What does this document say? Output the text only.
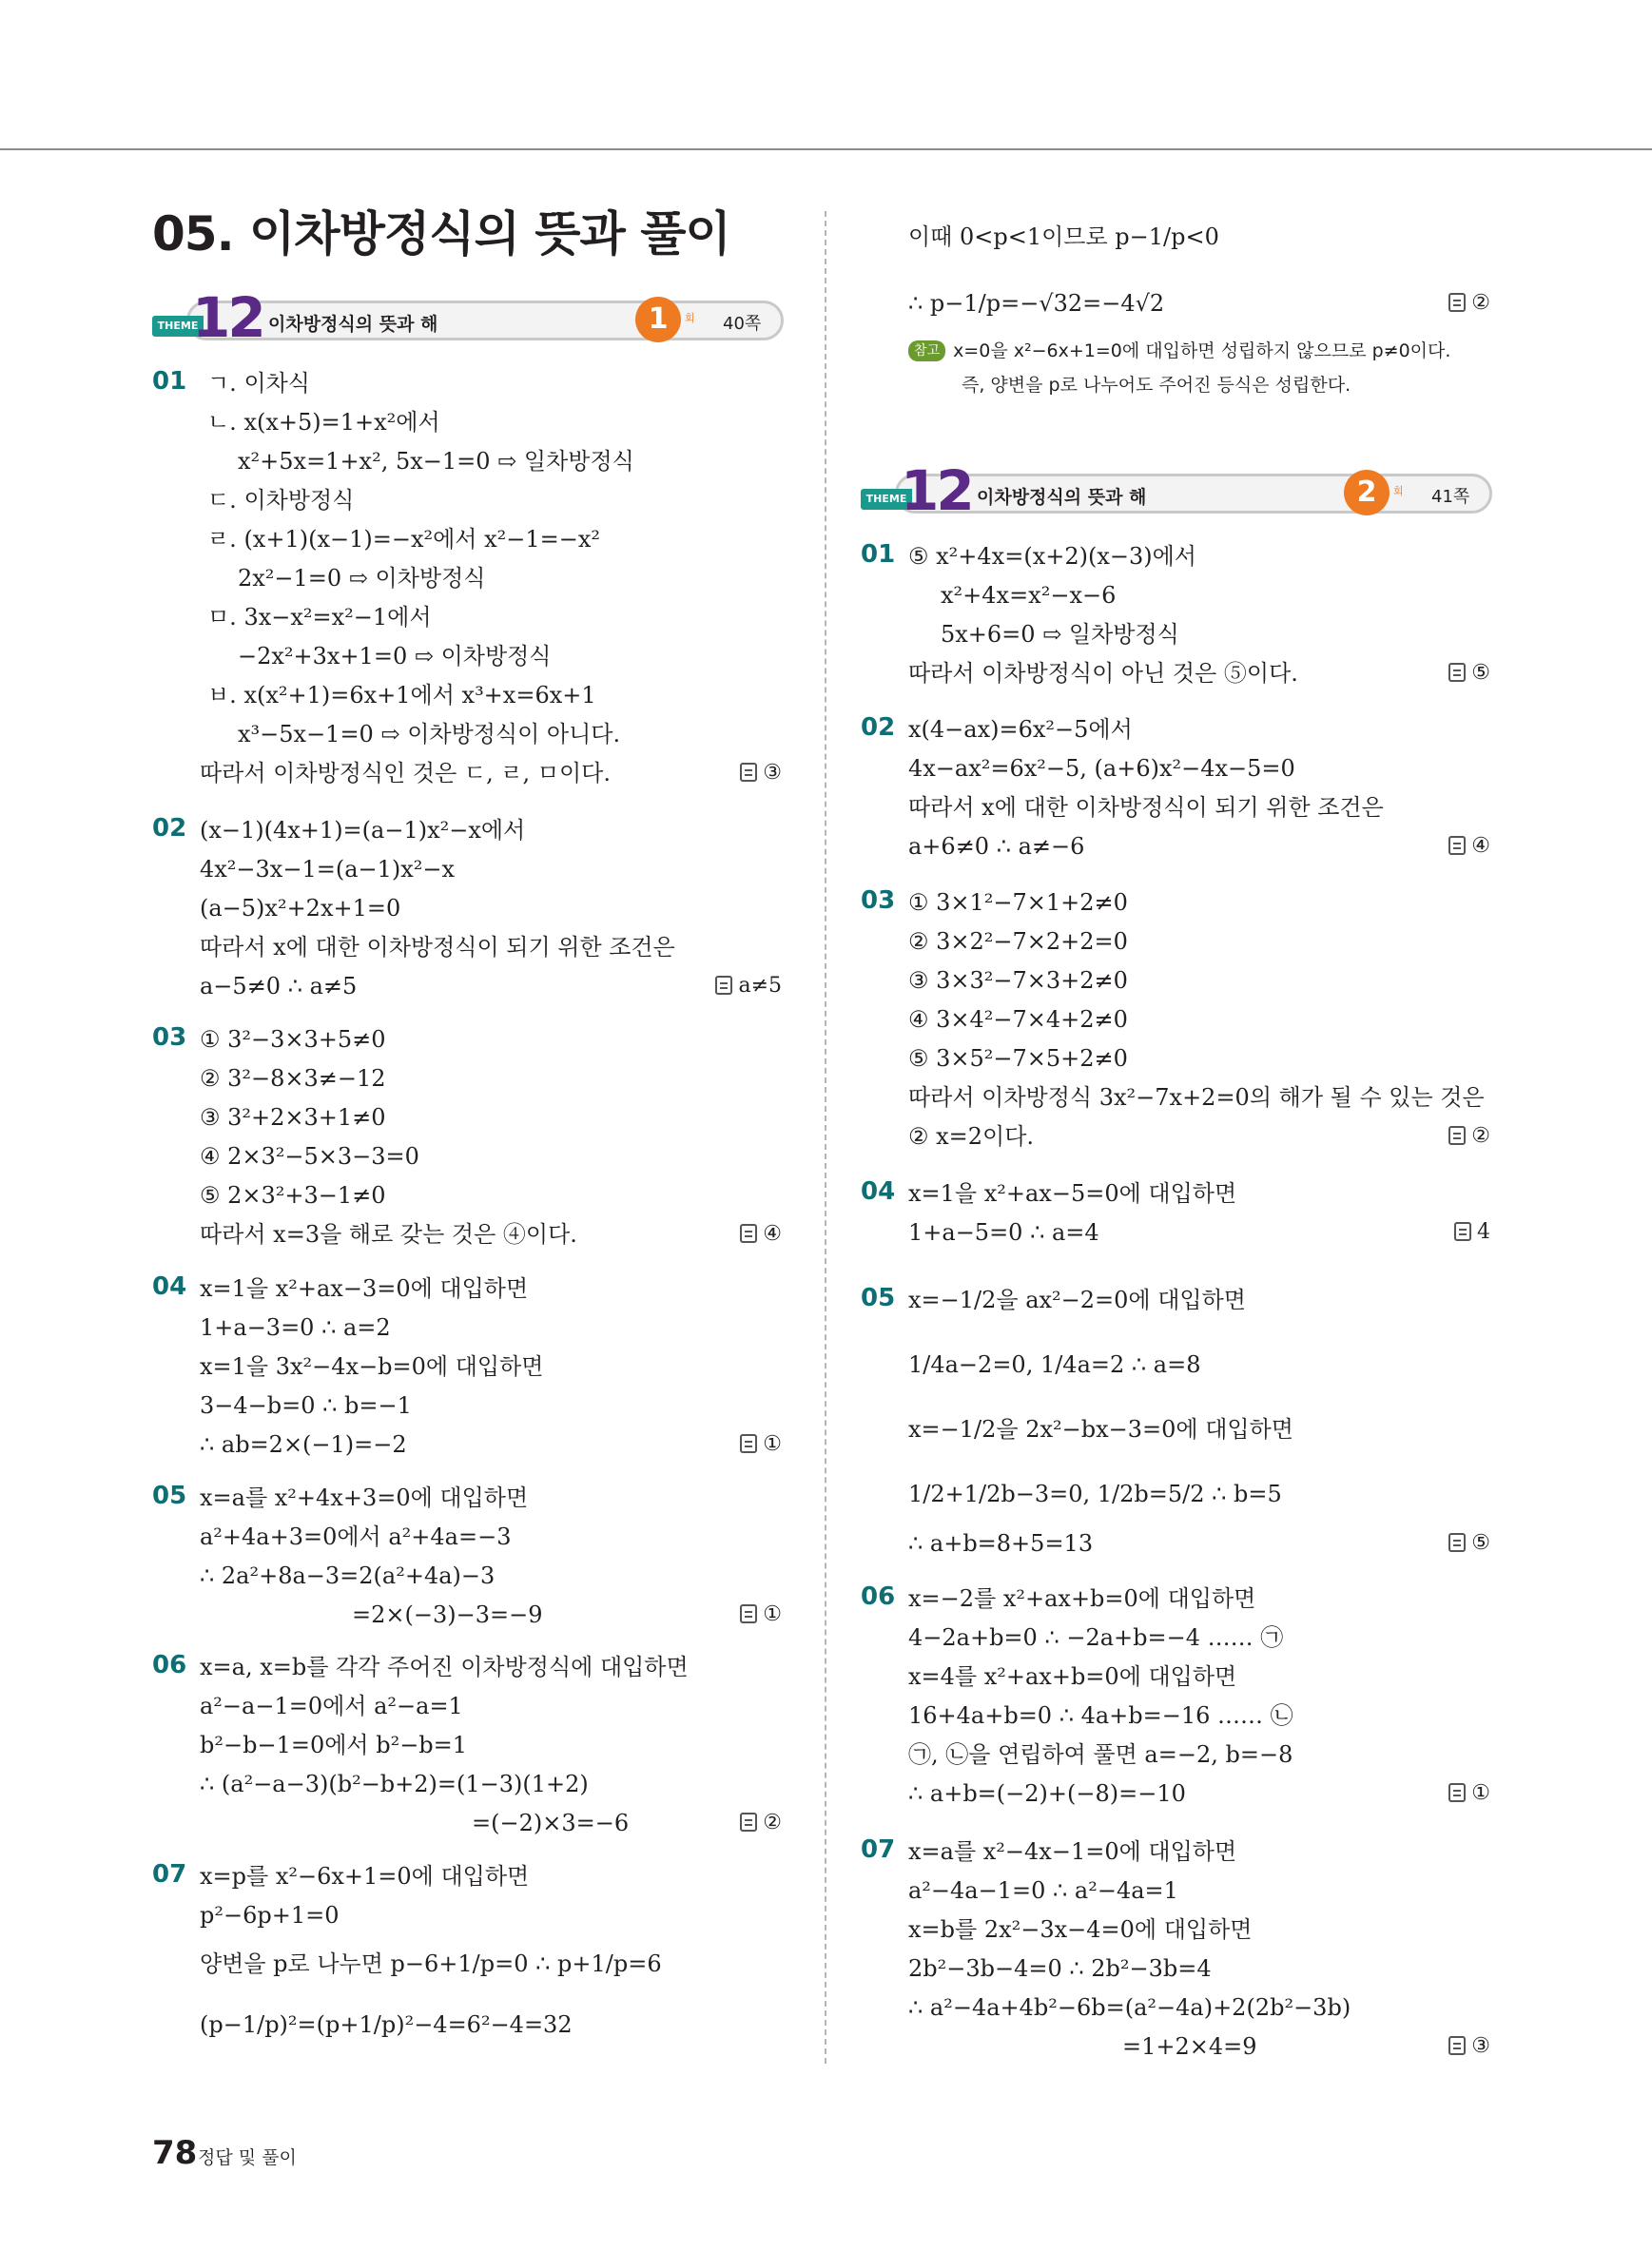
05. 이차방정식의 뜻과 풀이
THEME
12 이차방정식의 뜻과 해	1	회 40쪽
01 ㄱ. 이차식
ㄴ. x(x+5)=1+x²에서
x²+5x=1+x², 5x−1=0 ⇨ 일차방정식
ㄷ. 이차방정식
ㄹ. (x+1)(x−1)=−x²에서 x²−1=−x²
2x²−1=0 ⇨ 이차방정식
ㅁ. 3x−x²=x²−1에서
−2x²+3x+1=0 ⇨ 이차방정식
ㅂ. x(x²+1)=6x+1에서 x³+x=6x+1
x³−5x−1=0 ⇨ 이차방정식이 아니다.
따라서 이차방정식인 것은 ㄷ, ㄹ, ㅁ이다.	③
02 (x−1)(4x+1)=(a−1)x²−x에서
4x²−3x−1=(a−1)x²−x
(a−5)x²+2x+1=0
따라서 x에 대한 이차방정식이 되기 위한 조건은
a−5≠0 ∴ a≠5	a≠5
03 ① 3²−3×3+5≠0
② 3²−8×3≠−12
③ 3²+2×3+1≠0
④ 2×3²−5×3−3=0
⑤ 2×3²+3−1≠0
따라서 x=3을 해로 갖는 것은 ④이다.	④
04 x=1을 x²+ax−3=0에 대입하면
1+a−3=0 ∴ a=2
x=1을 3x²−4x−b=0에 대입하면
3−4−b=0 ∴ b=−1
∴ ab=2×(−1)=−2	①
05 x=a를 x²+4x+3=0에 대입하면
a²+4a+3=0에서 a²+4a=−3
∴ 2a²+8a−3=2(a²+4a)−3
=2×(−3)−3=−9	①
06 x=a, x=b를 각각 주어진 이차방정식에 대입하면
a²−a−1=0에서 a²−a=1
b²−b−1=0에서 b²−b=1
∴ (a²−a−3)(b²−b+2)=(1−3)(1+2)
=(−2)×3=−6	②
07 x=p를 x²−6x+1=0에 대입하면
p²−6p+1=0
양변을 p로 나누면 p−6+1/p=0 ∴ p+1/p=6
(p−1/p)²=(p+1/p)²−4=6²−4=32
이때 0<p<1이므로 p−1/p<0
∴ p−1/p=−√32=−4√2	②
참고 x=0을 x²−6x+1=0에 대입하면 성립하지 않으므로 p≠0이다.
즉, 양변을 p로 나누어도 주어진 등식은 성립한다.
THEME
12 이차방정식의 뜻과 해	2	회 41쪽
01 ⑤ x²+4x=(x+2)(x−3)에서
x²+4x=x²−x−6
5x+6=0 ⇨ 일차방정식
따라서 이차방정식이 아닌 것은 ⑤이다.	⑤
02 x(4−ax)=6x²−5에서
4x−ax²=6x²−5, (a+6)x²−4x−5=0
따라서 x에 대한 이차방정식이 되기 위한 조건은
a+6≠0 ∴ a≠−6	④
03 ① 3×1²−7×1+2≠0
② 3×2²−7×2+2=0
③ 3×3²−7×3+2≠0
④ 3×4²−7×4+2≠0
⑤ 3×5²−7×5+2≠0
따라서 이차방정식 3x²−7x+2=0의 해가 될 수 있는 것은
② x=2이다.	②
04 x=1을 x²+ax−5=0에 대입하면
1+a−5=0 ∴ a=4	4
05 x=−1/2을 ax²−2=0에 대입하면
1/4a−2=0, 1/4a=2 ∴ a=8
x=−1/2을 2x²−bx−3=0에 대입하면
1/2+1/2b−3=0, 1/2b=5/2 ∴ b=5
∴ a+b=8+5=13	⑤
06 x=−2를 x²+ax+b=0에 대입하면
4−2a+b=0 ∴ −2a+b=−4 …… ㉠
x=4를 x²+ax+b=0에 대입하면
16+4a+b=0 ∴ 4a+b=−16 …… ㉡
㉠, ㉡을 연립하여 풀면 a=−2, b=−8
∴ a+b=(−2)+(−8)=−10	①
07 x=a를 x²−4x−1=0에 대입하면
a²−4a−1=0 ∴ a²−4a=1
x=b를 2x²−3x−4=0에 대입하면
2b²−3b−4=0 ∴ 2b²−3b=4
∴ a²−4a+4b²−6b=(a²−4a)+2(2b²−3b)
=1+2×4=9	③
78 정답 및 풀이
